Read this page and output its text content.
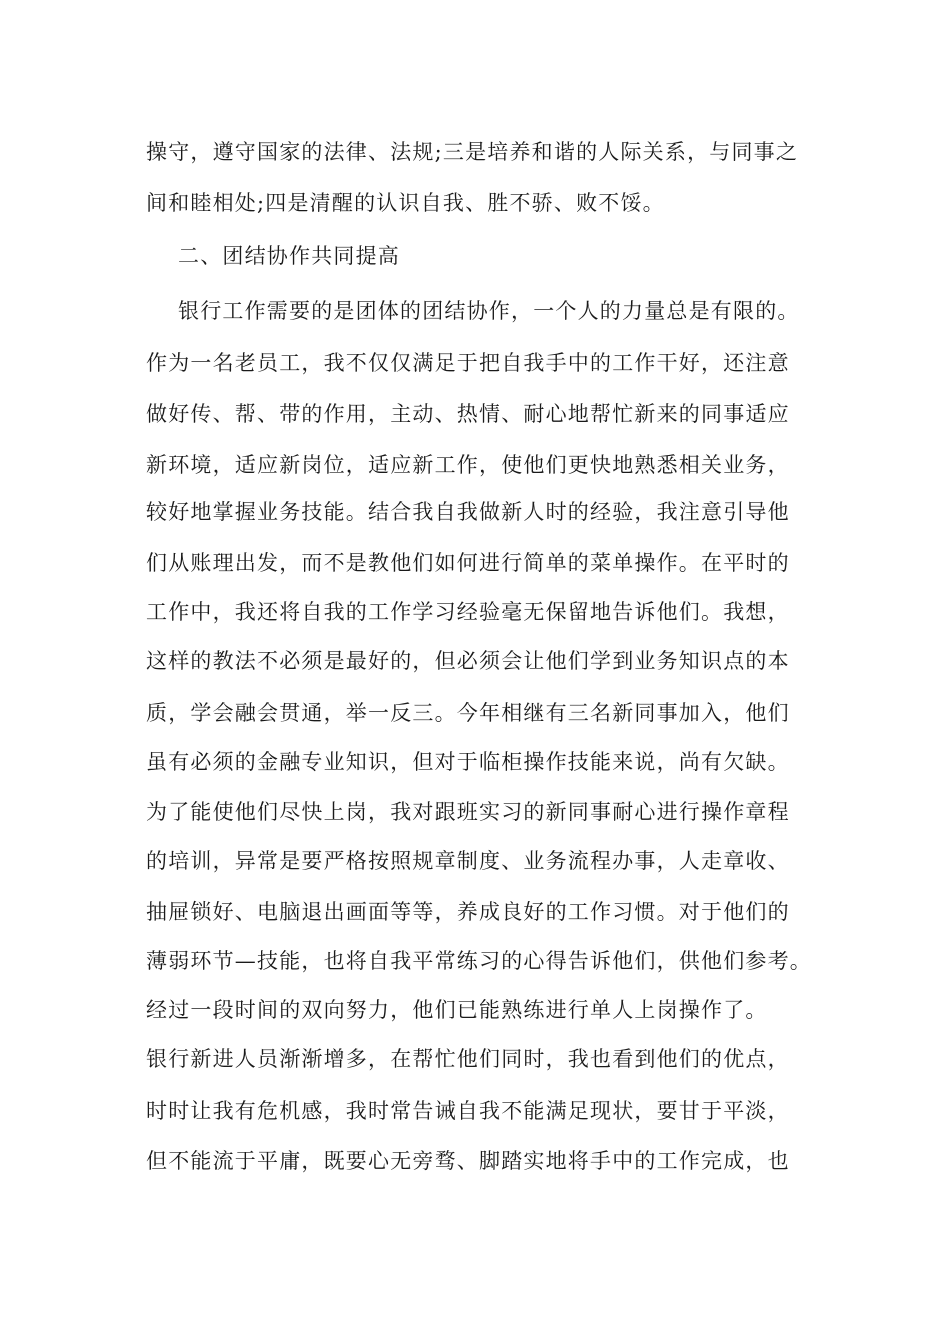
操守，遵守国家的法律、法规;三是培养和谐的人际关系，与同事之
间和睦相处;四是清醒的认识自我、胜不骄、败不馁。
二、团结协作共同提高
银行工作需要的是团体的团结协作，一个人的力量总是有限的。
作为一名老员工，我不仅仅满足于把自我手中的工作干好，还注意
做好传、帮、带的作用，主动、热情、耐心地帮忙新来的同事适应
新环境，适应新岗位，适应新工作，使他们更快地熟悉相关业务，
较好地掌握业务技能。结合我自我做新人时的经验，我注意引导他
们从账理出发，而不是教他们如何进行简单的菜单操作。在平时的
工作中，我还将自我的工作学习经验毫无保留地告诉他们。我想，
这样的教法不必须是最好的，但必须会让他们学到业务知识点的本
质，学会融会贯通，举一反三。今年相继有三名新同事加入，他们
虽有必须的金融专业知识，但对于临柜操作技能来说，尚有欠缺。
为了能使他们尽快上岗，我对跟班实习的新同事耐心进行操作章程
的培训，异常是要严格按照规章制度、业务流程办事，人走章收、
抽屉锁好、电脑退出画面等等，养成良好的工作习惯。对于他们的
薄弱环节—技能，也将自我平常练习的心得告诉他们，供他们参考。
经过一段时间的双向努力，他们已能熟练进行单人上岗操作了。
银行新进人员渐渐增多，在帮忙他们同时，我也看到他们的优点，
时时让我有危机感，我时常告诫自我不能满足现状，要甘于平淡，
但不能流于平庸，既要心无旁骛、脚踏实地将手中的工作完成，也
